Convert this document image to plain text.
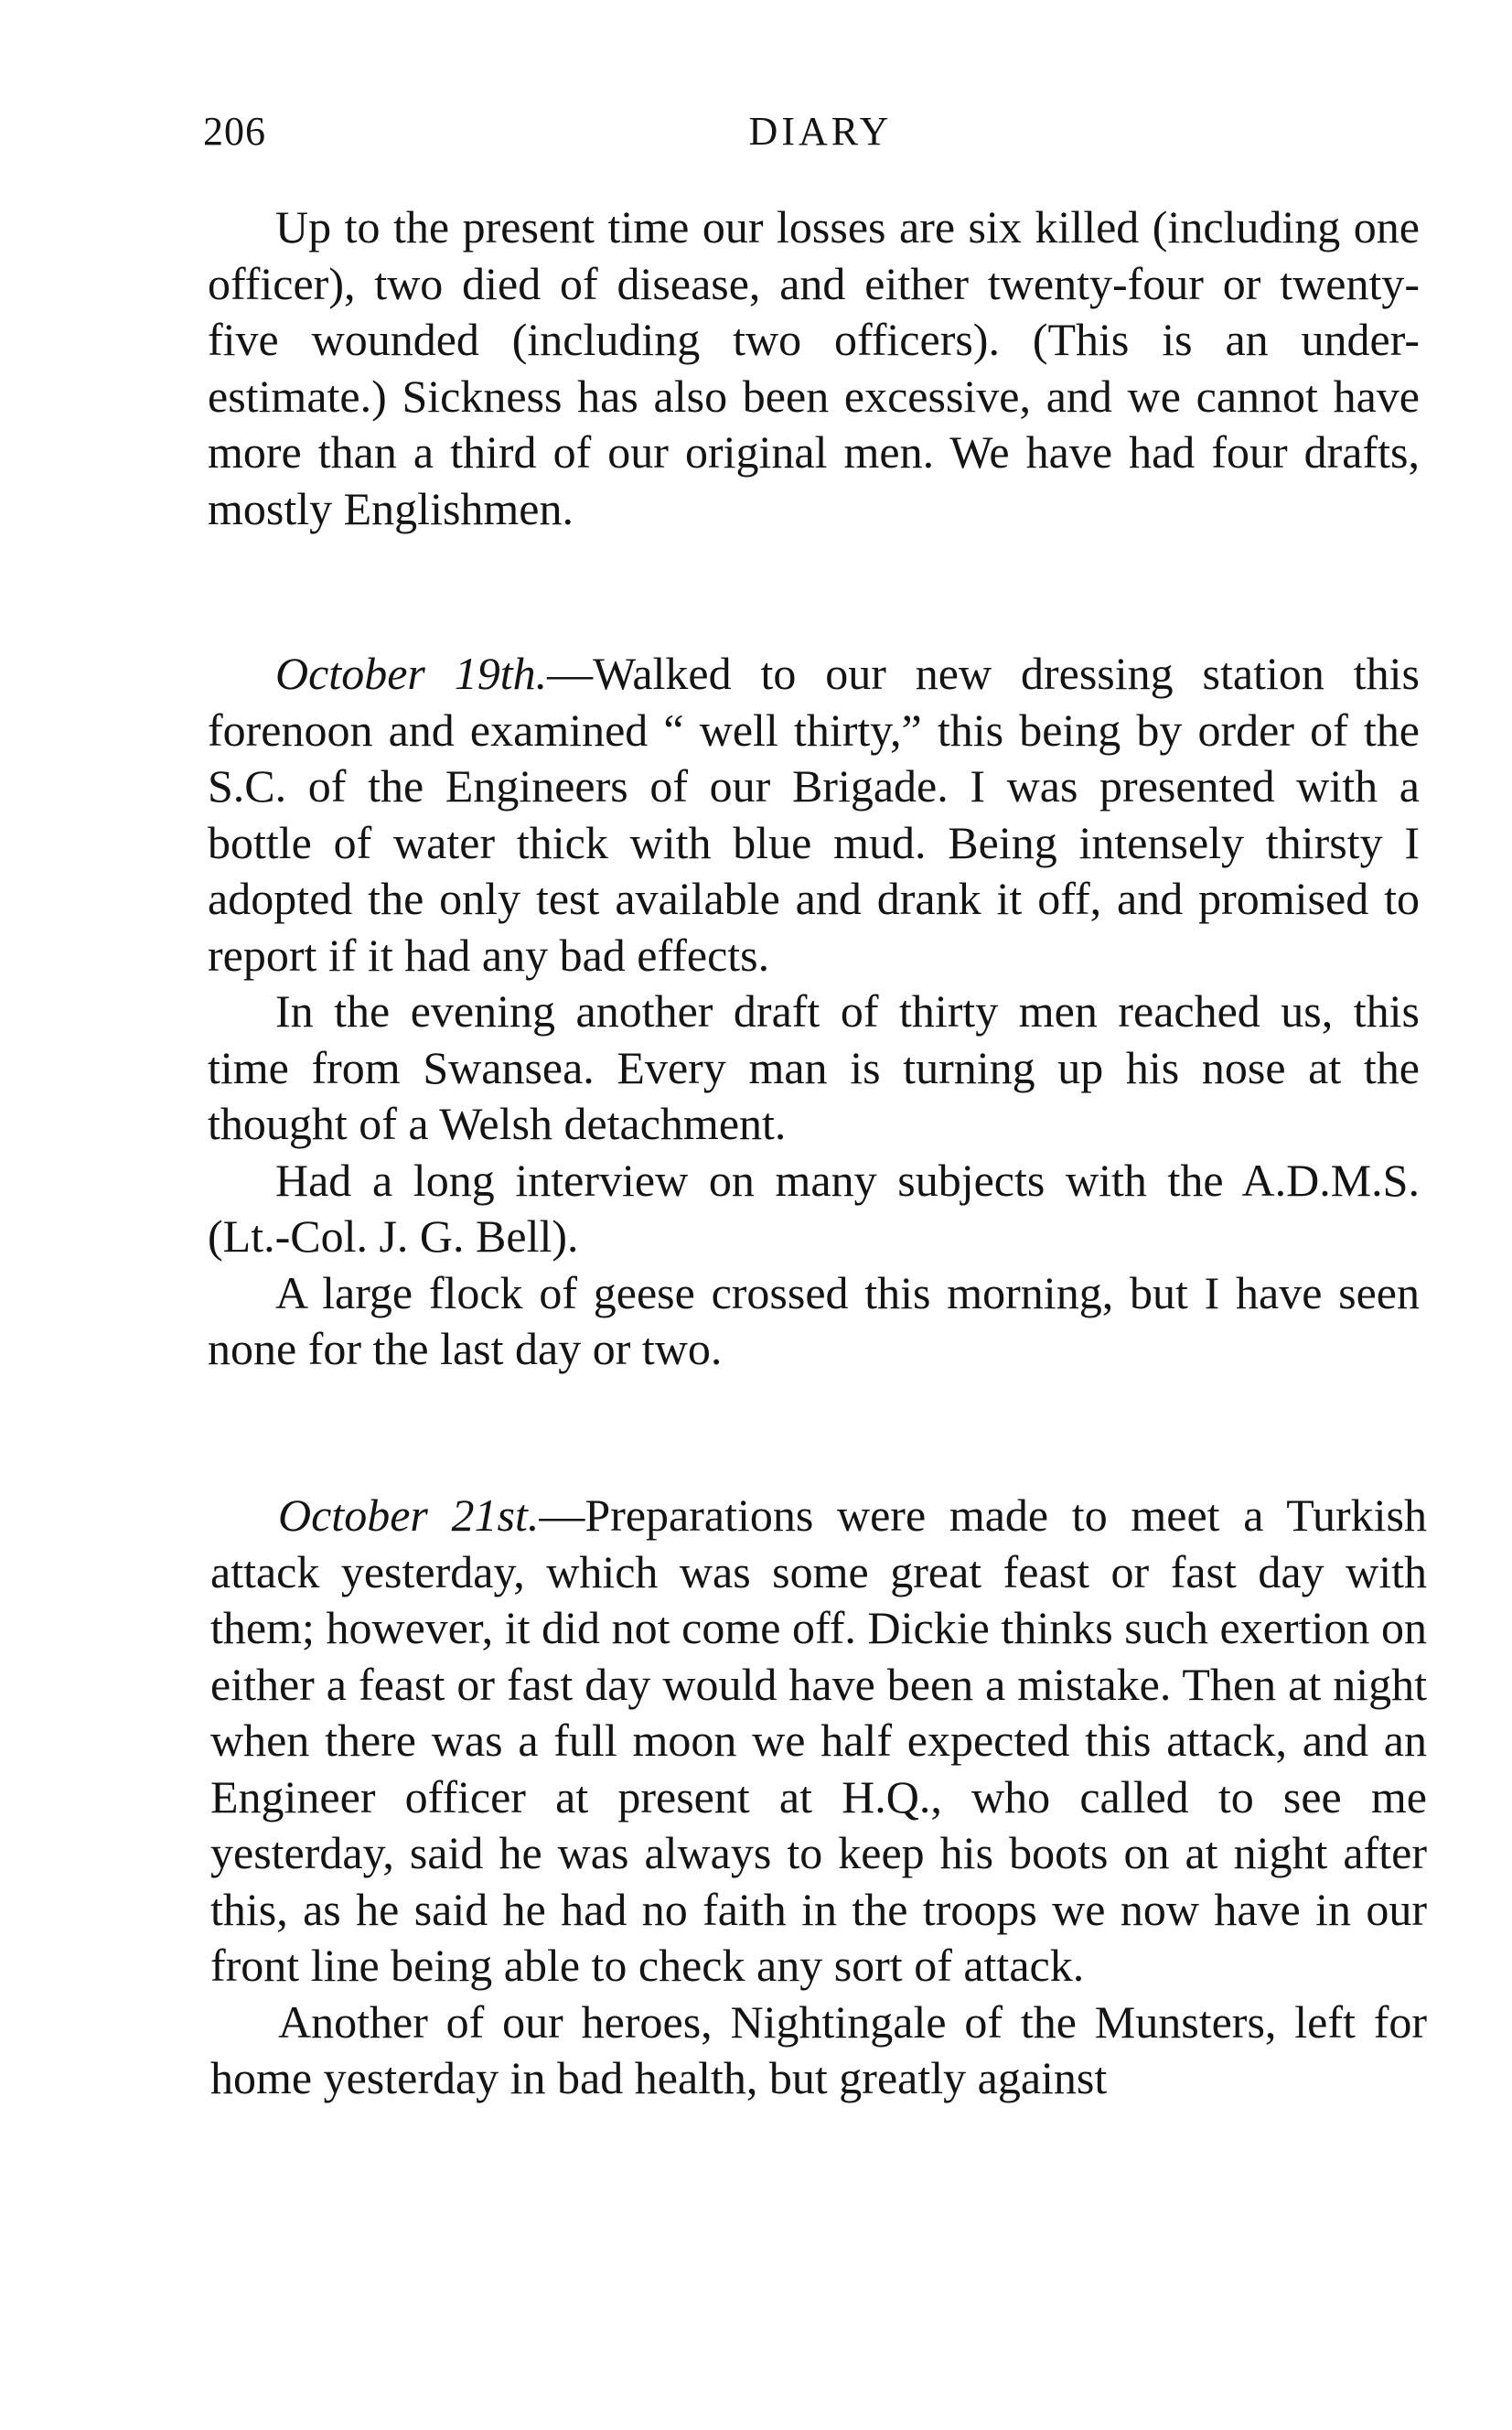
206	DIARY

Up to the present time our losses are six killed (including one officer), two died of disease, and either twenty-four or twenty-five wounded (including two officers). (This is an under-estimate.) Sickness has also been excessive, and we cannot have more than a third of our original men. We have had four drafts, mostly Englishmen.

October 19th.—Walked to our new dressing station this forenoon and examined “ well thirty,” this being by order of the S.C. of the Engineers of our Brigade. I was presented with a bottle of water thick with blue mud. Being intensely thirsty I adopted the only test available and drank it off, and promised to report if it had any bad effects.

In the evening another draft of thirty men reached us, this time from Swansea. Every man is turning up his nose at the thought of a Welsh detachment.

Had a long interview on many subjects with the A.D.M.S. (Lt.-Col. J. G. Bell).

A large flock of geese crossed this morning, but I have seen none for the last day or two.

October 21st.—Preparations were made to meet a Turkish attack yesterday, which was some great feast or fast day with them; however, it did not come off. Dickie thinks such exertion on either a feast or fast day would have been a mistake. Then at night when there was a full moon we half expected this attack, and an Engineer officer at present at H.Q., who called to see me yesterday, said he was always to keep his boots on at night after this, as he said he had no faith in the troops we now have in our front line being able to check any sort of attack.

Another of our heroes, Nightingale of the Munsters, left for home yesterday in bad health, but greatly against
